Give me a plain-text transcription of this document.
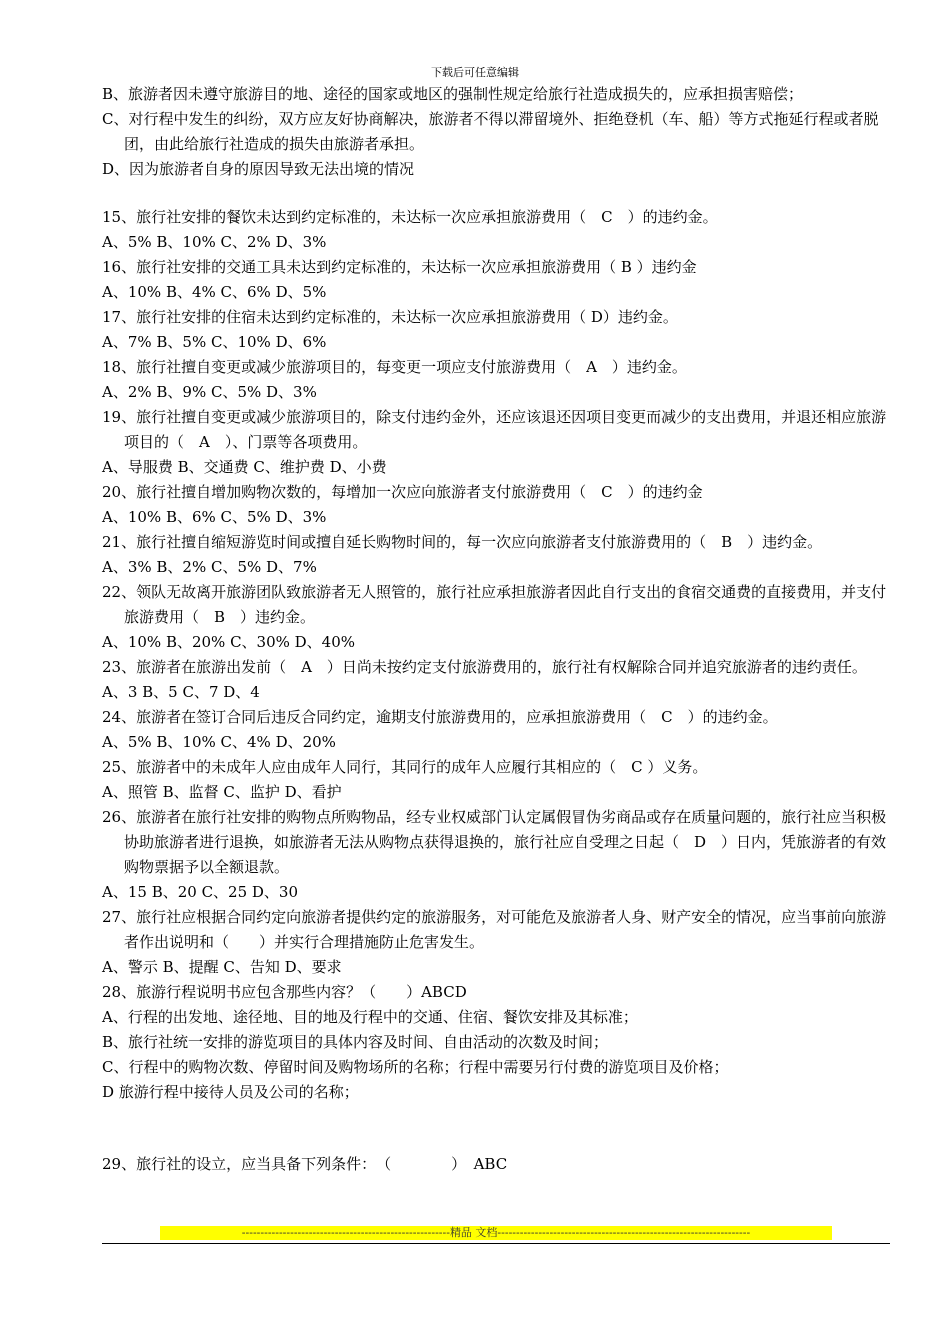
下载后可任意编辑
B、旅游者因未遵守旅游目的地、途径的国家或地区的强制性规定给旅行社造成损失的，应承担损害赔偿；
C、对行程中发生的纠纷，双方应友好协商解决，旅游者不得以滞留境外、拒绝登机（车、船）等方式拖延行程或者脱团，由此给旅行社造成的损失由旅游者承担。
D、因为旅游者自身的原因导致无法出境的情况
15、旅行社安排的餐饮未达到约定标准的，未达标一次应承担旅游费用（　C　）的违约金。
A、5% B、10% C、2% D、3%
16、旅行社安排的交通工具未达到约定标准的，未达标一次应承担旅游费用（ B ）违约金
A、10% B、4% C、6% D、5%
17、旅行社安排的住宿未达到约定标准的，未达标一次应承担旅游费用（ D）违约金。
A、7% B、5% C、10% D、6%
18、旅行社擅自变更或减少旅游项目的，每变更一项应支付旅游费用（　A　）违约金。
A、2% B、9% C、5% D、3%
19、旅行社擅自变更或减少旅游项目的，除支付违约金外，还应该退还因项目变更而减少的支出费用，并退还相应旅游项目的（　A　）、门票等各项费用。
A、导服费 B、交通费 C、维护费 D、小费
20、旅行社擅自增加购物次数的，每增加一次应向旅游者支付旅游费用（　C　）的违约金
A、10% B、6% C、5% D、3%
21、旅行社擅自缩短游览时间或擅自延长购物时间的，每一次应向旅游者支付旅游费用的（　B　）违约金。
A、3% B、2% C、5% D、7%
22、领队无故离开旅游团队致旅游者无人照管的，旅行社应承担旅游者因此自行支出的食宿交通费的直接费用，并支付旅游费用（　B　）违约金。
A、10% B、20% C、30% D、40%
23、旅游者在旅游出发前（　A　）日尚未按约定支付旅游费用的，旅行社有权解除合同并追究旅游者的违约责任。
A、3 B、5 C、7 D、4
24、旅游者在签订合同后违反合同约定，逾期支付旅游费用的，应承担旅游费用（　C　）的违约金。
A、5% B、10% C、4% D、20%
25、旅游者中的未成年人应由成年人同行，其同行的成年人应履行其相应的（　C ）义务。
A、照管 B、监督 C、监护 D、看护
26、旅游者在旅行社安排的购物点所购物品，经专业权威部门认定属假冒伪劣商品或存在质量问题的，旅行社应当积极协助旅游者进行退换，如旅游者无法从购物点获得退换的，旅行社应自受理之日起（　D　）日内，凭旅游者的有效购物票据予以全额退款。
A、15 B、20 C、25 D、30
27、旅行社应根据合同约定向旅游者提供约定的旅游服务，对可能危及旅游者人身、财产安全的情况，应当事前向旅游者作出说明和（　　）并实行合理措施防止危害发生。
A、警示 B、提醒 C、告知 D、要求
28、旅游行程说明书应包含那些内容？（　　）ABCD
A、行程的出发地、途径地、目的地及行程中的交通、住宿、餐饮安排及其标准；
B、旅行社统一安排的游览项目的具体内容及时间、自由活动的次数及时间；
C、行程中的购物次数、停留时间及购物场所的名称；行程中需要另行付费的游览项目及价格；
D 旅游行程中接待人员及公司的名称；
29、旅行社的设立，应当具备下列条件：　（　　　　）　ABC
--------------------------------------------------------精品 文档--------------------------------------------------------------------
